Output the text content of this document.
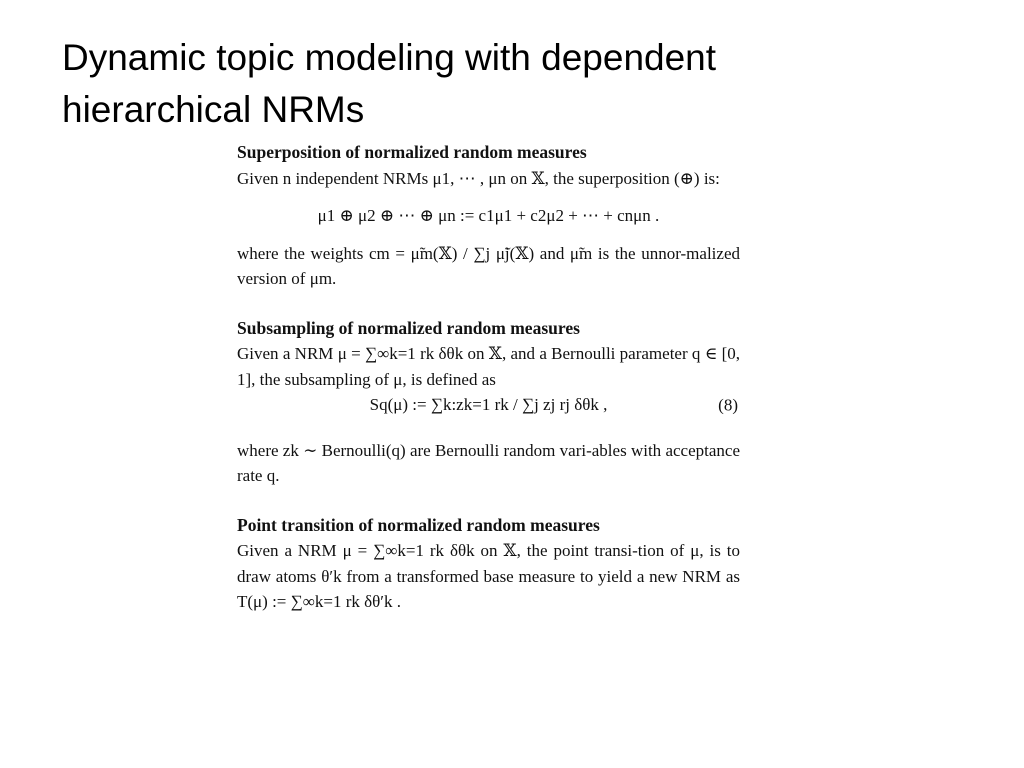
Dynamic topic modeling with dependent
hierarchical NRMs

Superposition of normalized random measures

Given n independent NRMs μ1, ⋯ , μn on 𝕏, the superposition (⊕) is:

μ1 ⊕ μ2 ⊕ ⋯ ⊕ μn := c1μ1 + c2μ2 + ⋯ + cnμn .

where the weights cm = μ̃m(𝕏) / ∑j μ̃j(𝕏) and μ̃m is the unnor-malized version of μm.

Subsampling of normalized random measures

Given a NRM μ = ∑∞k=1 rk δθk on 𝕏, and a Bernoulli parameter q ∈ [0, 1], the subsampling of μ, is defined as

Sq(μ) := ∑k:zk=1 rk / ∑j zj rj δθk ,	(8)

where zk ∼ Bernoulli(q) are Bernoulli random vari-ables with acceptance rate q.

Point transition of normalized random measures

Given a NRM μ = ∑∞k=1 rk δθk on 𝕏, the point transi-tion of μ, is to draw atoms θ′k from a transformed base measure to yield a new NRM as T(μ) := ∑∞k=1 rk δθ′k .
